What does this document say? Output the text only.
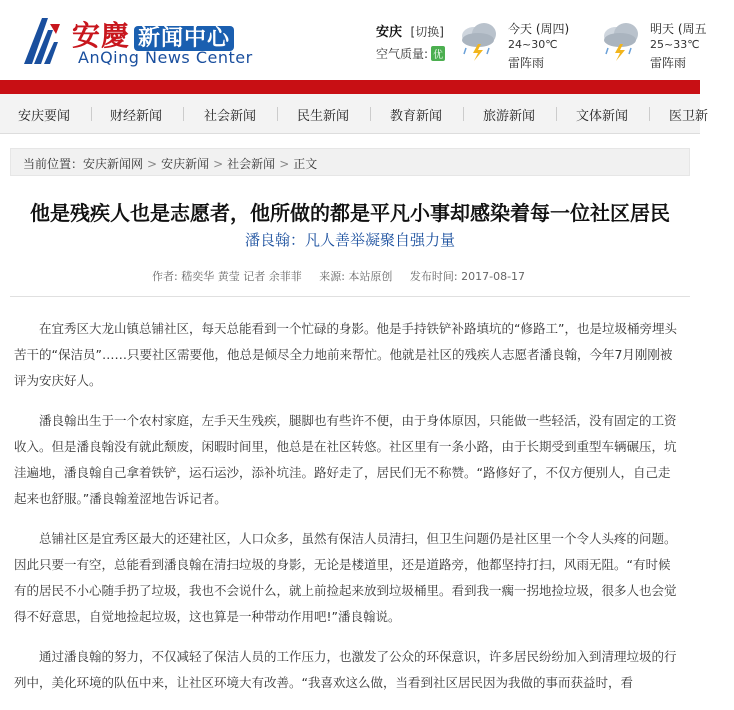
安慶 新闻中心
AnQing News Center
安庆 [切换]
空气质量: 优
今天 (周四)
24~30℃
雷阵雨
明天 (周五
25~33℃
雷阵雨
安庆要闻	财经新闻	社会新闻	民生新闻	教育新闻	旅游新闻	文体新闻	医卫新
当前位置：安庆新闻网 > 安庆新闻 > 社会新闻 > 正文
他是残疾人也是志愿者，他所做的都是平凡小事却感染着每一位社区居民
潘良翰：凡人善举凝聚自强力量
作者: 嵇奕华 黄莹 记者 余菲菲 来源: 本站原创 发布时间: 2017-08-17

在宜秀区大龙山镇总铺社区，每天总能看到一个忙碌的身影。他是手持铁铲补路填坑的“修路工”，也是垃圾桶旁埋头苦干的“保洁员”……只要社区需要他，他总是倾尽全力地前来帮忙。他就是社区的残疾人志愿者潘良翰，今年7月刚刚被评为安庆好人。

潘良翰出生于一个农村家庭，左手天生残疾，腿脚也有些许不便，由于身体原因，只能做一些轻活，没有固定的工资收入。但是潘良翰没有就此颓废，闲暇时间里，他总是在社区转悠。社区里有一条小路，由于长期受到重型车辆碾压，坑洼遍地，潘良翰自己拿着铁铲，运石运沙，添补坑洼。路好走了，居民们无不称赞。“路修好了，不仅方便别人，自己走起来也舒服。”潘良翰羞涩地告诉记者。

总铺社区是宜秀区最大的还建社区，人口众多，虽然有保洁人员清扫，但卫生问题仍是社区里一个令人头疼的问题。因此只要一有空，总能看到潘良翰在清扫垃圾的身影，无论是楼道里，还是道路旁，他都坚持打扫，风雨无阻。“有时候有的居民不小心随手扔了垃圾，我也不会说什么，就上前捡起来放到垃圾桶里。看到我一瘸一拐地捡垃圾，很多人也会觉得不好意思，自觉地捡起垃圾，这也算是一种带动作用吧!”潘良翰说。

通过潘良翰的努力，不仅减轻了保洁人员的工作压力，也激发了公众的环保意识，许多居民纷纷加入到清理垃圾的行列中，美化环境的队伍中来，让社区环境大有改善。“我喜欢这么做，当看到社区居民因为我做的事而获益时，看
